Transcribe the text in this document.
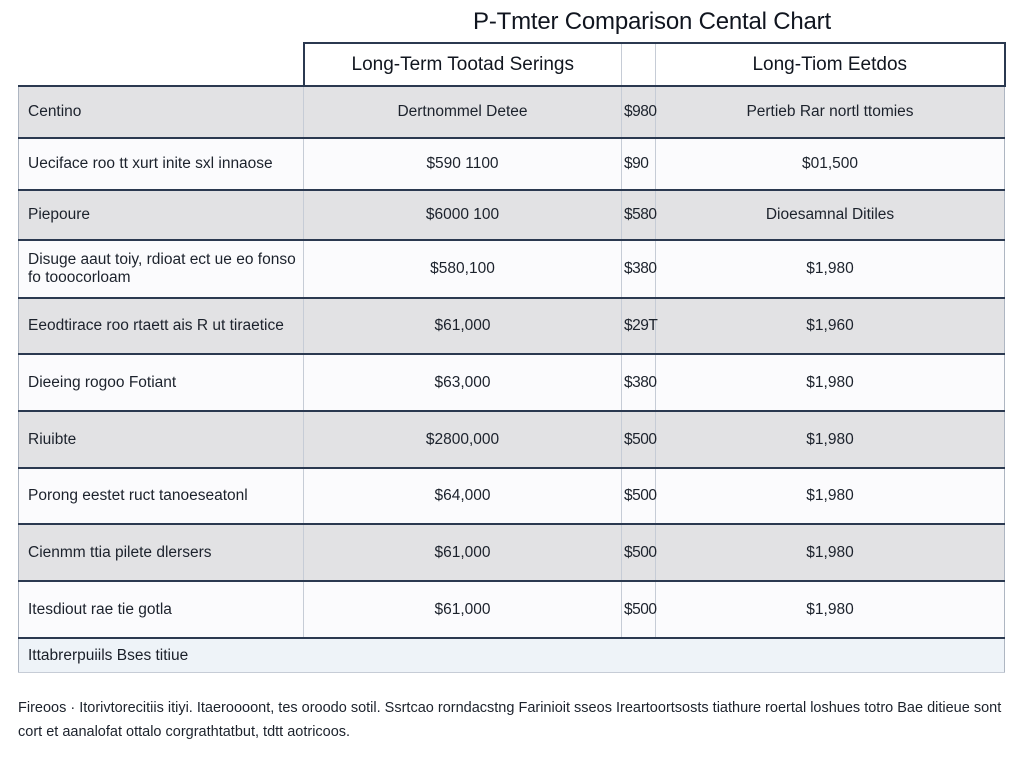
P-Tmter Comparison Cental Chart
	Long-Term Tootad Serings		Long-Tiom Eetdos
Centino	Dertnommel Detee	$980	Pertieb Rar nortl ttomies
Ueciface roo tt xurt inite sxl innaose	$590 1100	$90	$01,500
Piepoure	$6000 100	$580	Dioesamnal Ditiles
Disuge aaut toiy, rdioat ect ue eo fonso fo tooocorloam	$580,100	$380	$1,980
Eeodtirace roo rtaett ais R ut tiraetice	$61,000	$29T	$1,960
Dieeing rogoo Fotiant	$63,000	$380	$1,980
Riuibte	$2800,000	$500	$1,980
Porong eestet ruct tanoeseatonl	$64,000	$500	$1,980
Cienmm ttia pilete dlersers	$61,000	$500	$1,980
Itesdiout rae tie gotla	$61,000	$500	$1,980
Ittabrerpuiils Bses titiue			
Fireoos · Itorivtorecitiis itiyi. Itaeroooont, tes oroodo sotil. Ssrtcao rorndacstng Farinioit sseos Ireartoortsosts tiathure roertal loshues totro Bae ditieue sont cort et aanalofat ottalo corgrathtatbut, tdtt aotricoos.
